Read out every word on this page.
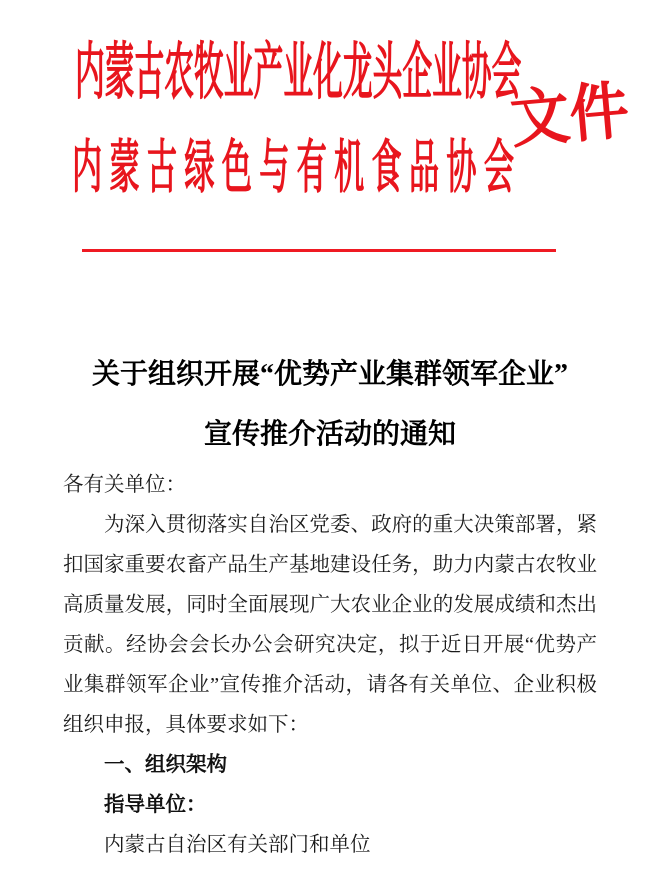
内蒙古农牧业产业化龙头企业协会
文件
内蒙古绿色与有机食品协会
关于组织开展“优势产业集群领军企业”
宣传推介活动的通知

各有关单位：

为深入贯彻落实自治区党委、政府的重大决策部署，紧扣国家重要农畜产品生产基地建设任务，助力内蒙古农牧业高质量发展，同时全面展现广大农业企业的发展成绩和杰出贡献。经协会会长办公会研究决定，拟于近日开展“优势产业集群领军企业”宣传推介活动，请各有关单位、企业积极组织申报，具体要求如下：

一、组织架构

指导单位：

内蒙古自治区有关部门和单位
